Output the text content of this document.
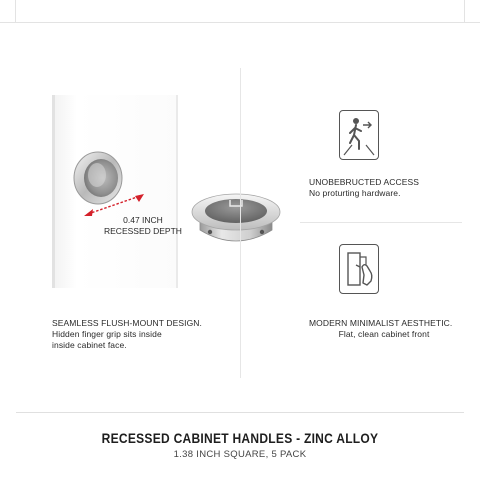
0.47 INCH
RECESSED DEPTH
SEAMLESS FLUSH-MOUNT DESIGN.
Hidden finger grip sits inside
inside cabinet face.
UNOBEBRUCTED ACCESS
No proturting hardware.
MODERN MINIMALIST AESTHETIC.
Flat, clean cabinet front
RECESSED CABINET HANDLES - ZINC ALLOY
1.38 INCH SQUARE, 5 PACK
